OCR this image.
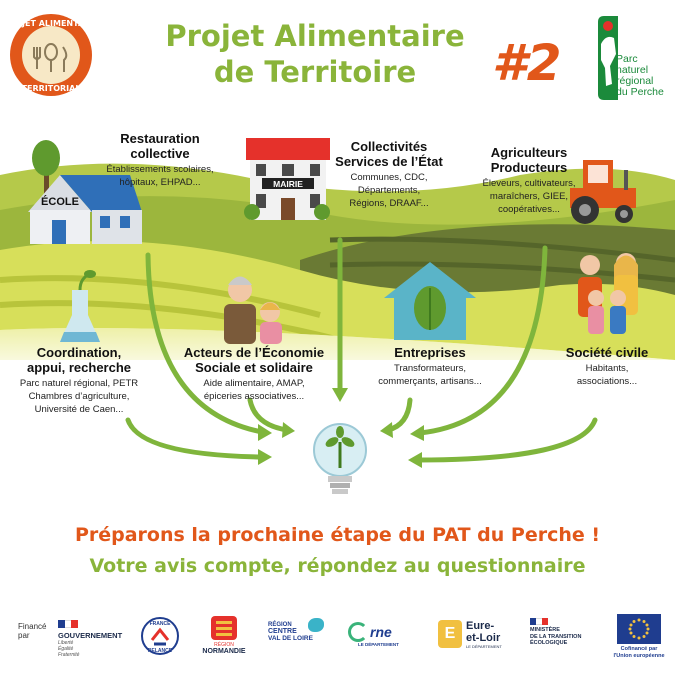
PROJET ALIMENTAIRE
TERRITORIAL
Projet Alimentaire
de Territoire	#2	Parc
naturel
régional
du Perche
ÉCOLE
MAIRIE
Restauration
collective
Établissements scolaires,
hôpitaux, EHPAD...
Collectivités
Services de l’État
Communes, CDC,
Départements,
Régions, DRAAF...
Agriculteurs
Producteurs
Éleveurs, cultivateurs,
maraîchers, GIEE,
coopératives...
Coordination,
appui, recherche
Parc naturel régional, PETR
Chambres d’agriculture,
Université de Caen...
Acteurs de l’Économie
Sociale et solidaire
Aide alimentaire, AMAP,
épiceries associatives...
Entreprises
Transformateurs,
commerçants, artisans...
Société civile
Habitants,
associations...
Préparons la prochaine étape du PAT du Perche !
Votre avis compte, répondez au questionnaire
Financé
par	GOUVERNEMENT
Liberté
Égalité
Fraternité
FRANCE
RELANCE
RÉGION
NORMANDIE
RÉGION
CENTRE
VAL DE LOIRE	rne
LE DÉPARTEMENT
E Eure-
et-Loir
LE DÉPARTEMENT
MINISTÈRE
DE LA TRANSITION
ÉCOLOGIQUE
Cofinancé par
l'Union européenne
